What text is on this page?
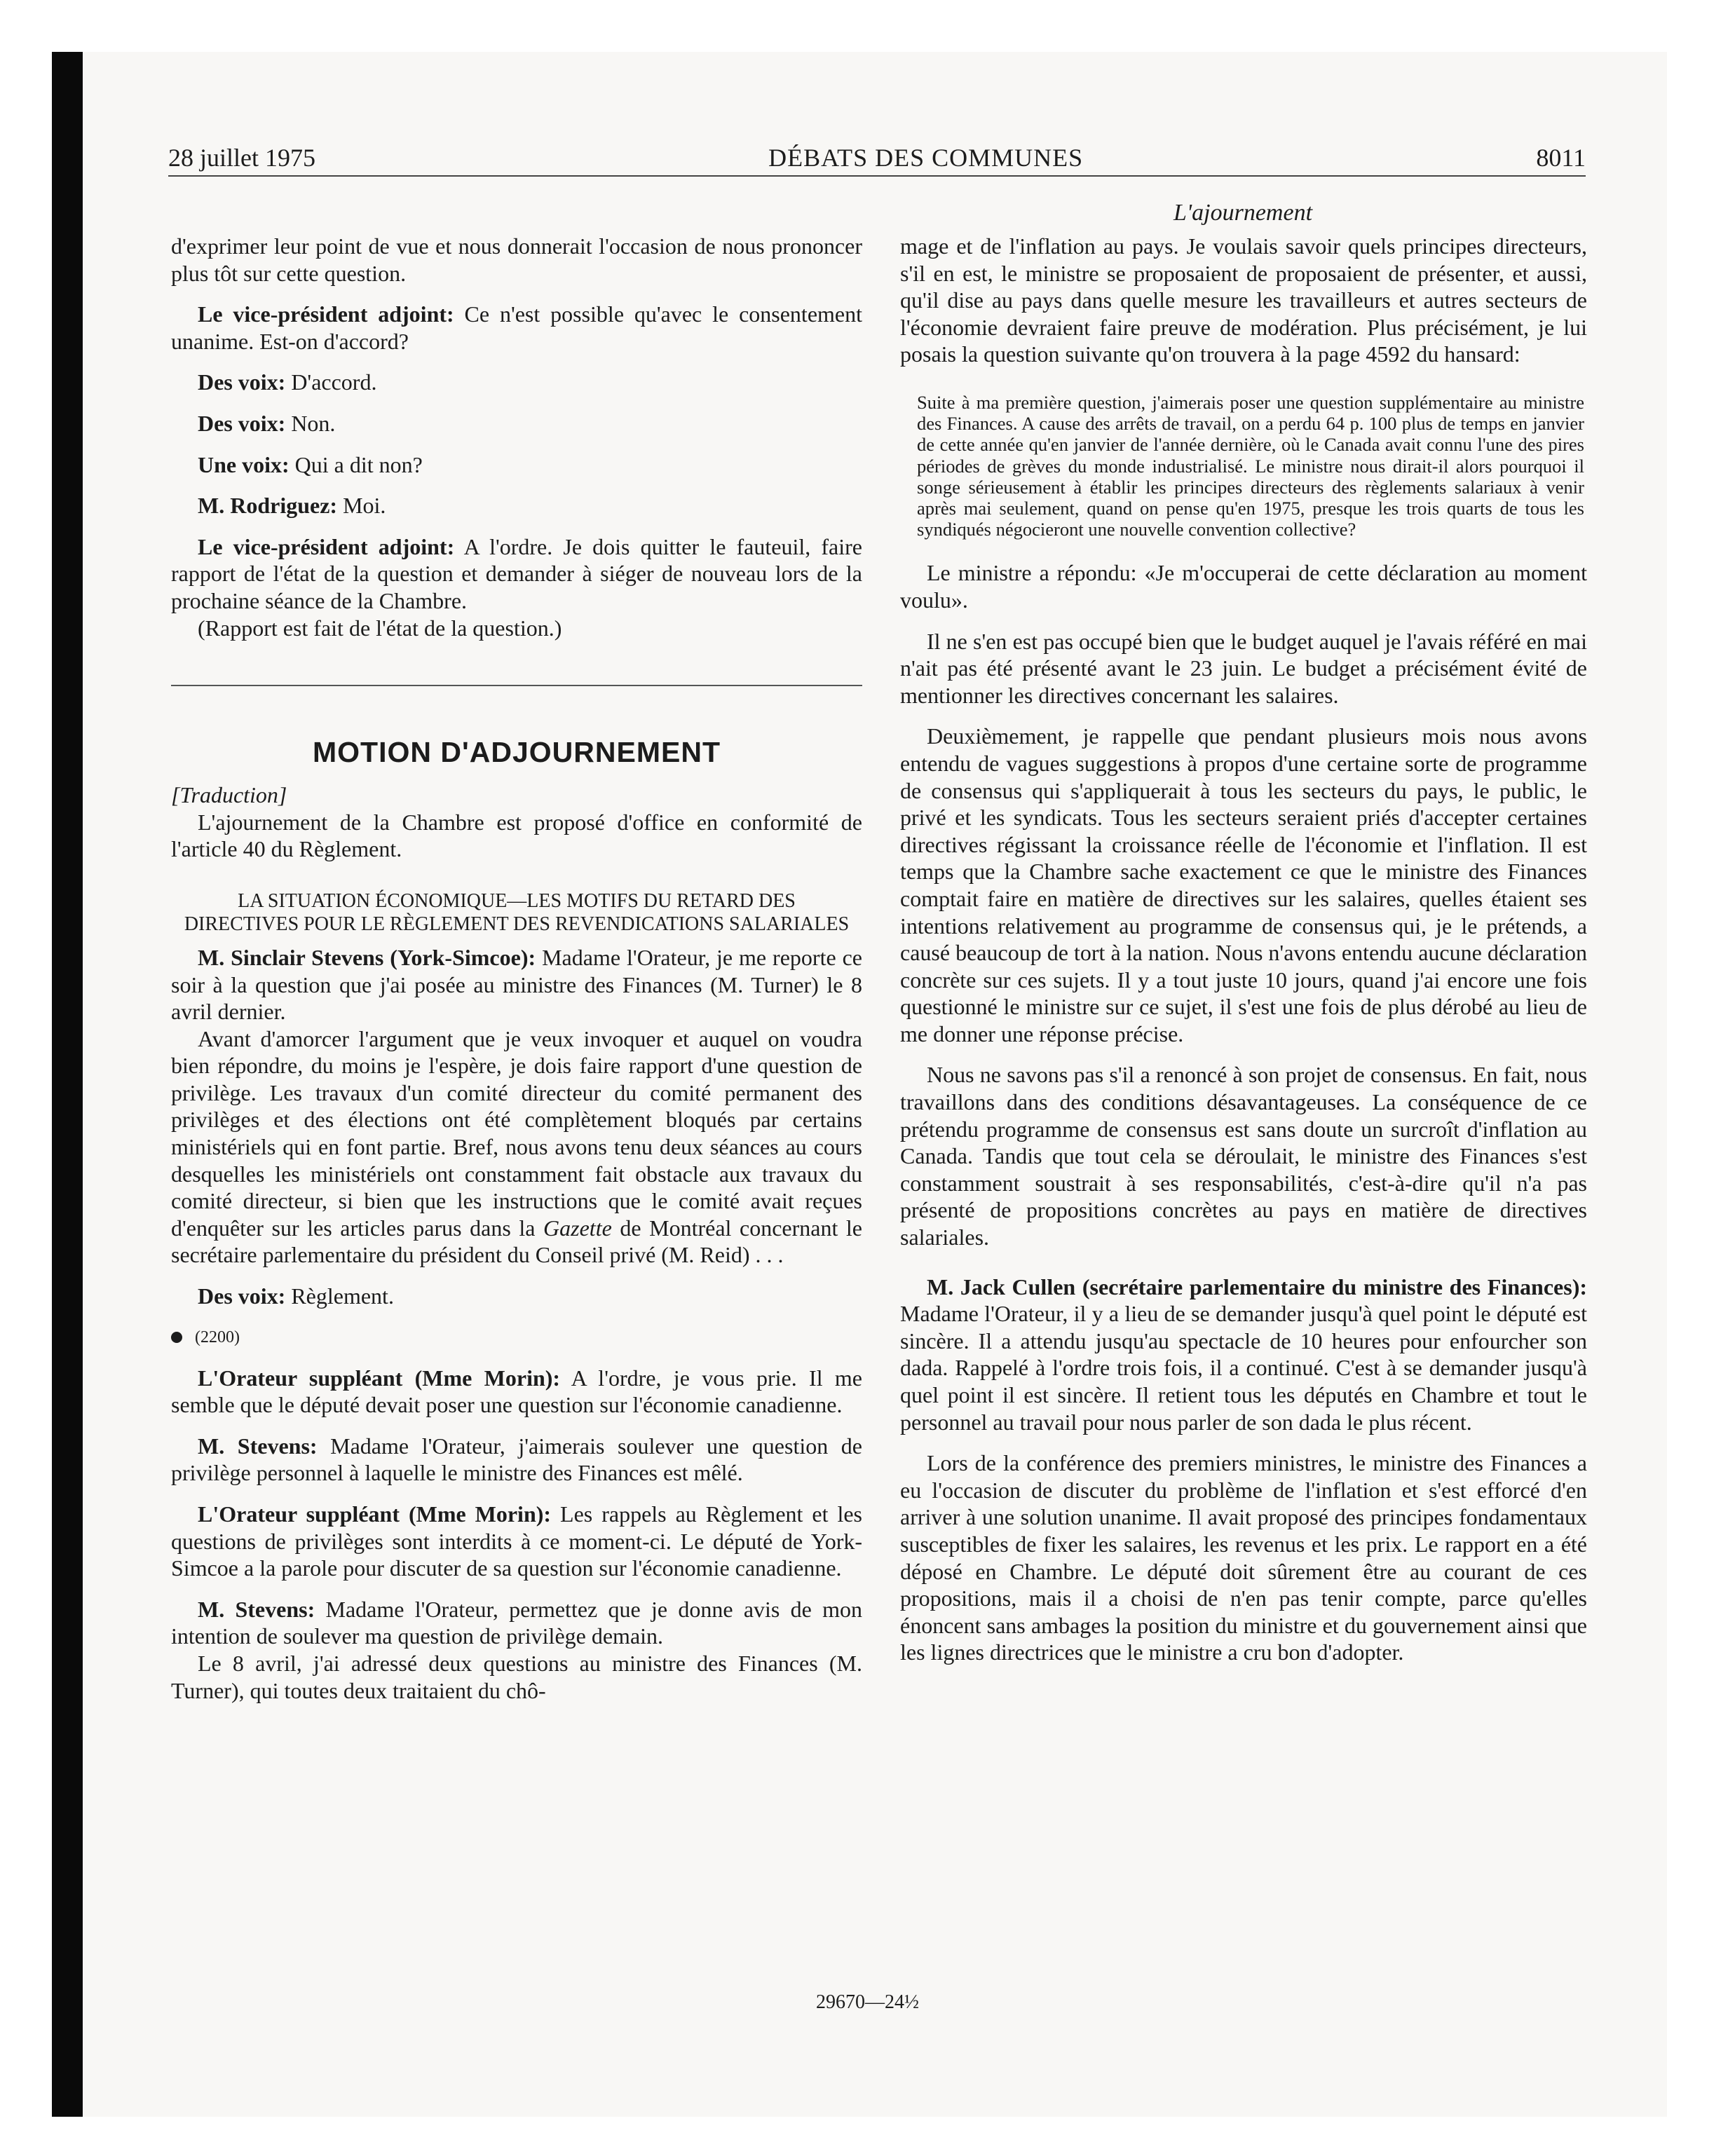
28 juillet 1975	DÉBATS DES COMMUNES	8011
L'ajournement

d'exprimer leur point de vue et nous donnerait l'occasion de nous prononcer plus tôt sur cette question.

Le vice-président adjoint: Ce n'est possible qu'avec le consentement unanime. Est-on d'accord?

Des voix: D'accord.

Des voix: Non.

Une voix: Qui a dit non?

M. Rodriguez: Moi.

Le vice-président adjoint: A l'ordre. Je dois quitter le fauteuil, faire rapport de l'état de la question et demander à siéger de nouveau lors de la prochaine séance de la Chambre.

(Rapport est fait de l'état de la question.)

MOTION D'ADJOURNEMENT

[Traduction]

L'ajournement de la Chambre est proposé d'office en conformité de l'article 40 du Règlement.

LA SITUATION ÉCONOMIQUE—LES MOTIFS DU RETARD DES DIRECTIVES POUR LE RÈGLEMENT DES REVENDICATIONS SALARIALES

M. Sinclair Stevens (York-Simcoe): Madame l'Orateur, je me reporte ce soir à la question que j'ai posée au ministre des Finances (M. Turner) le 8 avril dernier.

Avant d'amorcer l'argument que je veux invoquer et auquel on voudra bien répondre, du moins je l'espère, je dois faire rapport d'une question de privilège. Les travaux d'un comité directeur du comité permanent des privilèges et des élections ont été complètement bloqués par certains ministériels qui en font partie. Bref, nous avons tenu deux séances au cours desquelles les ministériels ont constamment fait obstacle aux travaux du comité directeur, si bien que les instructions que le comité avait reçues d'enquêter sur les articles parus dans la Gazette de Montréal concernant le secrétaire parlementaire du président du Conseil privé (M. Reid) . . .

Des voix: Règlement.

(2200)

L'Orateur suppléant (Mme Morin): A l'ordre, je vous prie. Il me semble que le député devait poser une question sur l'économie canadienne.

M. Stevens: Madame l'Orateur, j'aimerais soulever une question de privilège personnel à laquelle le ministre des Finances est mêlé.

L'Orateur suppléant (Mme Morin): Les rappels au Règlement et les questions de privilèges sont interdits à ce moment-ci. Le député de York-Simcoe a la parole pour discuter de sa question sur l'économie canadienne.

M. Stevens: Madame l'Orateur, permettez que je donne avis de mon intention de soulever ma question de privilège demain.

Le 8 avril, j'ai adressé deux questions au ministre des Finances (M. Turner), qui toutes deux traitaient du chô-

mage et de l'inflation au pays. Je voulais savoir quels principes directeurs, s'il en est, le ministre se proposaient de proposaient de présenter, et aussi, qu'il dise au pays dans quelle mesure les travailleurs et autres secteurs de l'économie devraient faire preuve de modération. Plus précisément, je lui posais la question suivante qu'on trouvera à la page 4592 du hansard:

Suite à ma première question, j'aimerais poser une question supplémentaire au ministre des Finances. A cause des arrêts de travail, on a perdu 64 p. 100 plus de temps en janvier de cette année qu'en janvier de l'année dernière, où le Canada avait connu l'une des pires périodes de grèves du monde industrialisé. Le ministre nous dirait-il alors pourquoi il songe sérieusement à établir les principes directeurs des règlements salariaux à venir après mai seulement, quand on pense qu'en 1975, presque les trois quarts de tous les syndiqués négocieront une nouvelle convention collective?

Le ministre a répondu: «Je m'occuperai de cette déclaration au moment voulu».

Il ne s'en est pas occupé bien que le budget auquel je l'avais référé en mai n'ait pas été présenté avant le 23 juin. Le budget a précisément évité de mentionner les directives concernant les salaires.

Deuxièmement, je rappelle que pendant plusieurs mois nous avons entendu de vagues suggestions à propos d'une certaine sorte de programme de consensus qui s'appliquerait à tous les secteurs du pays, le public, le privé et les syndicats. Tous les secteurs seraient priés d'accepter certaines directives régissant la croissance réelle de l'économie et l'inflation. Il est temps que la Chambre sache exactement ce que le ministre des Finances comptait faire en matière de directives sur les salaires, quelles étaient ses intentions relativement au programme de consensus qui, je le prétends, a causé beaucoup de tort à la nation. Nous n'avons entendu aucune déclaration concrète sur ces sujets. Il y a tout juste 10 jours, quand j'ai encore une fois questionné le ministre sur ce sujet, il s'est une fois de plus dérobé au lieu de me donner une réponse précise.

Nous ne savons pas s'il a renoncé à son projet de consensus. En fait, nous travaillons dans des conditions désavantageuses. La conséquence de ce prétendu programme de consensus est sans doute un surcroît d'inflation au Canada. Tandis que tout cela se déroulait, le ministre des Finances s'est constamment soustrait à ses responsabilités, c'est-à-dire qu'il n'a pas présenté de propositions concrètes au pays en matière de directives salariales.

M. Jack Cullen (secrétaire parlementaire du ministre des Finances): Madame l'Orateur, il y a lieu de se demander jusqu'à quel point le député est sincère. Il a attendu jusqu'au spectacle de 10 heures pour enfourcher son dada. Rappelé à l'ordre trois fois, il a continué. C'est à se demander jusqu'à quel point il est sincère. Il retient tous les députés en Chambre et tout le personnel au travail pour nous parler de son dada le plus récent.

Lors de la conférence des premiers ministres, le ministre des Finances a eu l'occasion de discuter du problème de l'inflation et s'est efforcé d'en arriver à une solution unanime. Il avait proposé des principes fondamentaux susceptibles de fixer les salaires, les revenus et les prix. Le rapport en a été déposé en Chambre. Le député doit sûrement être au courant de ces propositions, mais il a choisi de n'en pas tenir compte, parce qu'elles énoncent sans ambages la position du ministre et du gouvernement ainsi que les lignes directrices que le ministre a cru bon d'adopter.

29670—24½
